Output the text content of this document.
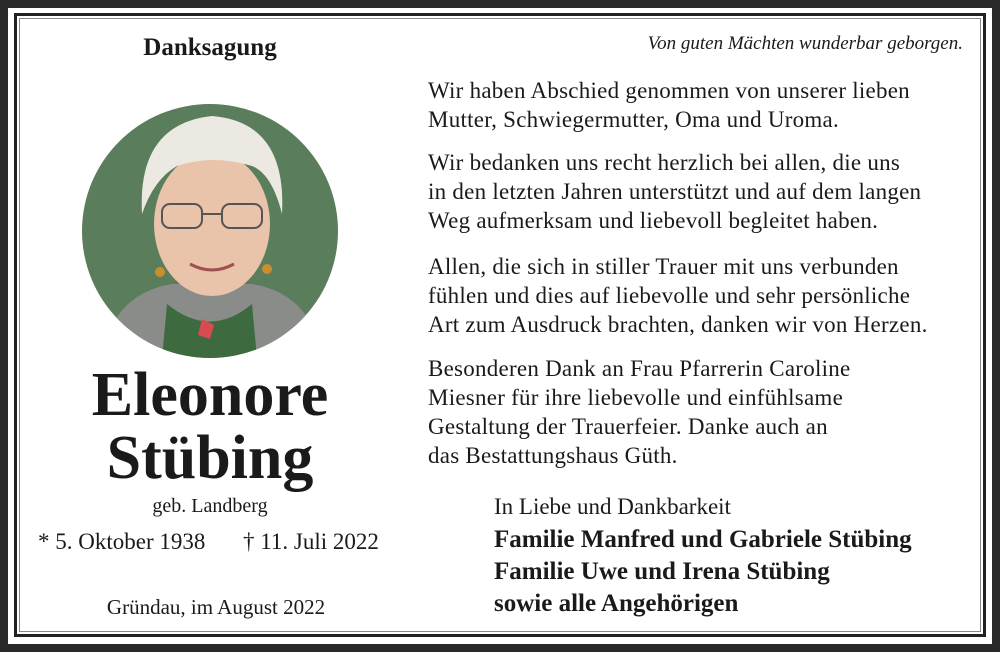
Danksagung
Eleonore
Stübing
geb. Landberg
* 5. Oktober 1938 † 11. Juli 2022
Gründau, im August 2022
Von guten Mächten wunderbar geborgen.
Wir haben Abschied genommen von unserer lieben
Mutter, Schwiegermutter, Oma und Uroma.
Wir bedanken uns recht herzlich bei allen, die uns
in den letzten Jahren unterstützt und auf dem langen
Weg aufmerksam und liebevoll begleitet haben.
Allen, die sich in stiller Trauer mit uns verbunden
fühlen und dies auf liebevolle und sehr persönliche
Art zum Ausdruck brachten, danken wir von Herzen.
Besonderen Dank an Frau Pfarrerin Caroline
Miesner für ihre liebevolle und einfühlsame
Gestaltung der Trauerfeier. Danke auch an
das Bestattungshaus Güth.
In Liebe und Dankbarkeit
Familie Manfred und Gabriele Stübing
Familie Uwe und Irena Stübing
sowie alle Angehörigen
